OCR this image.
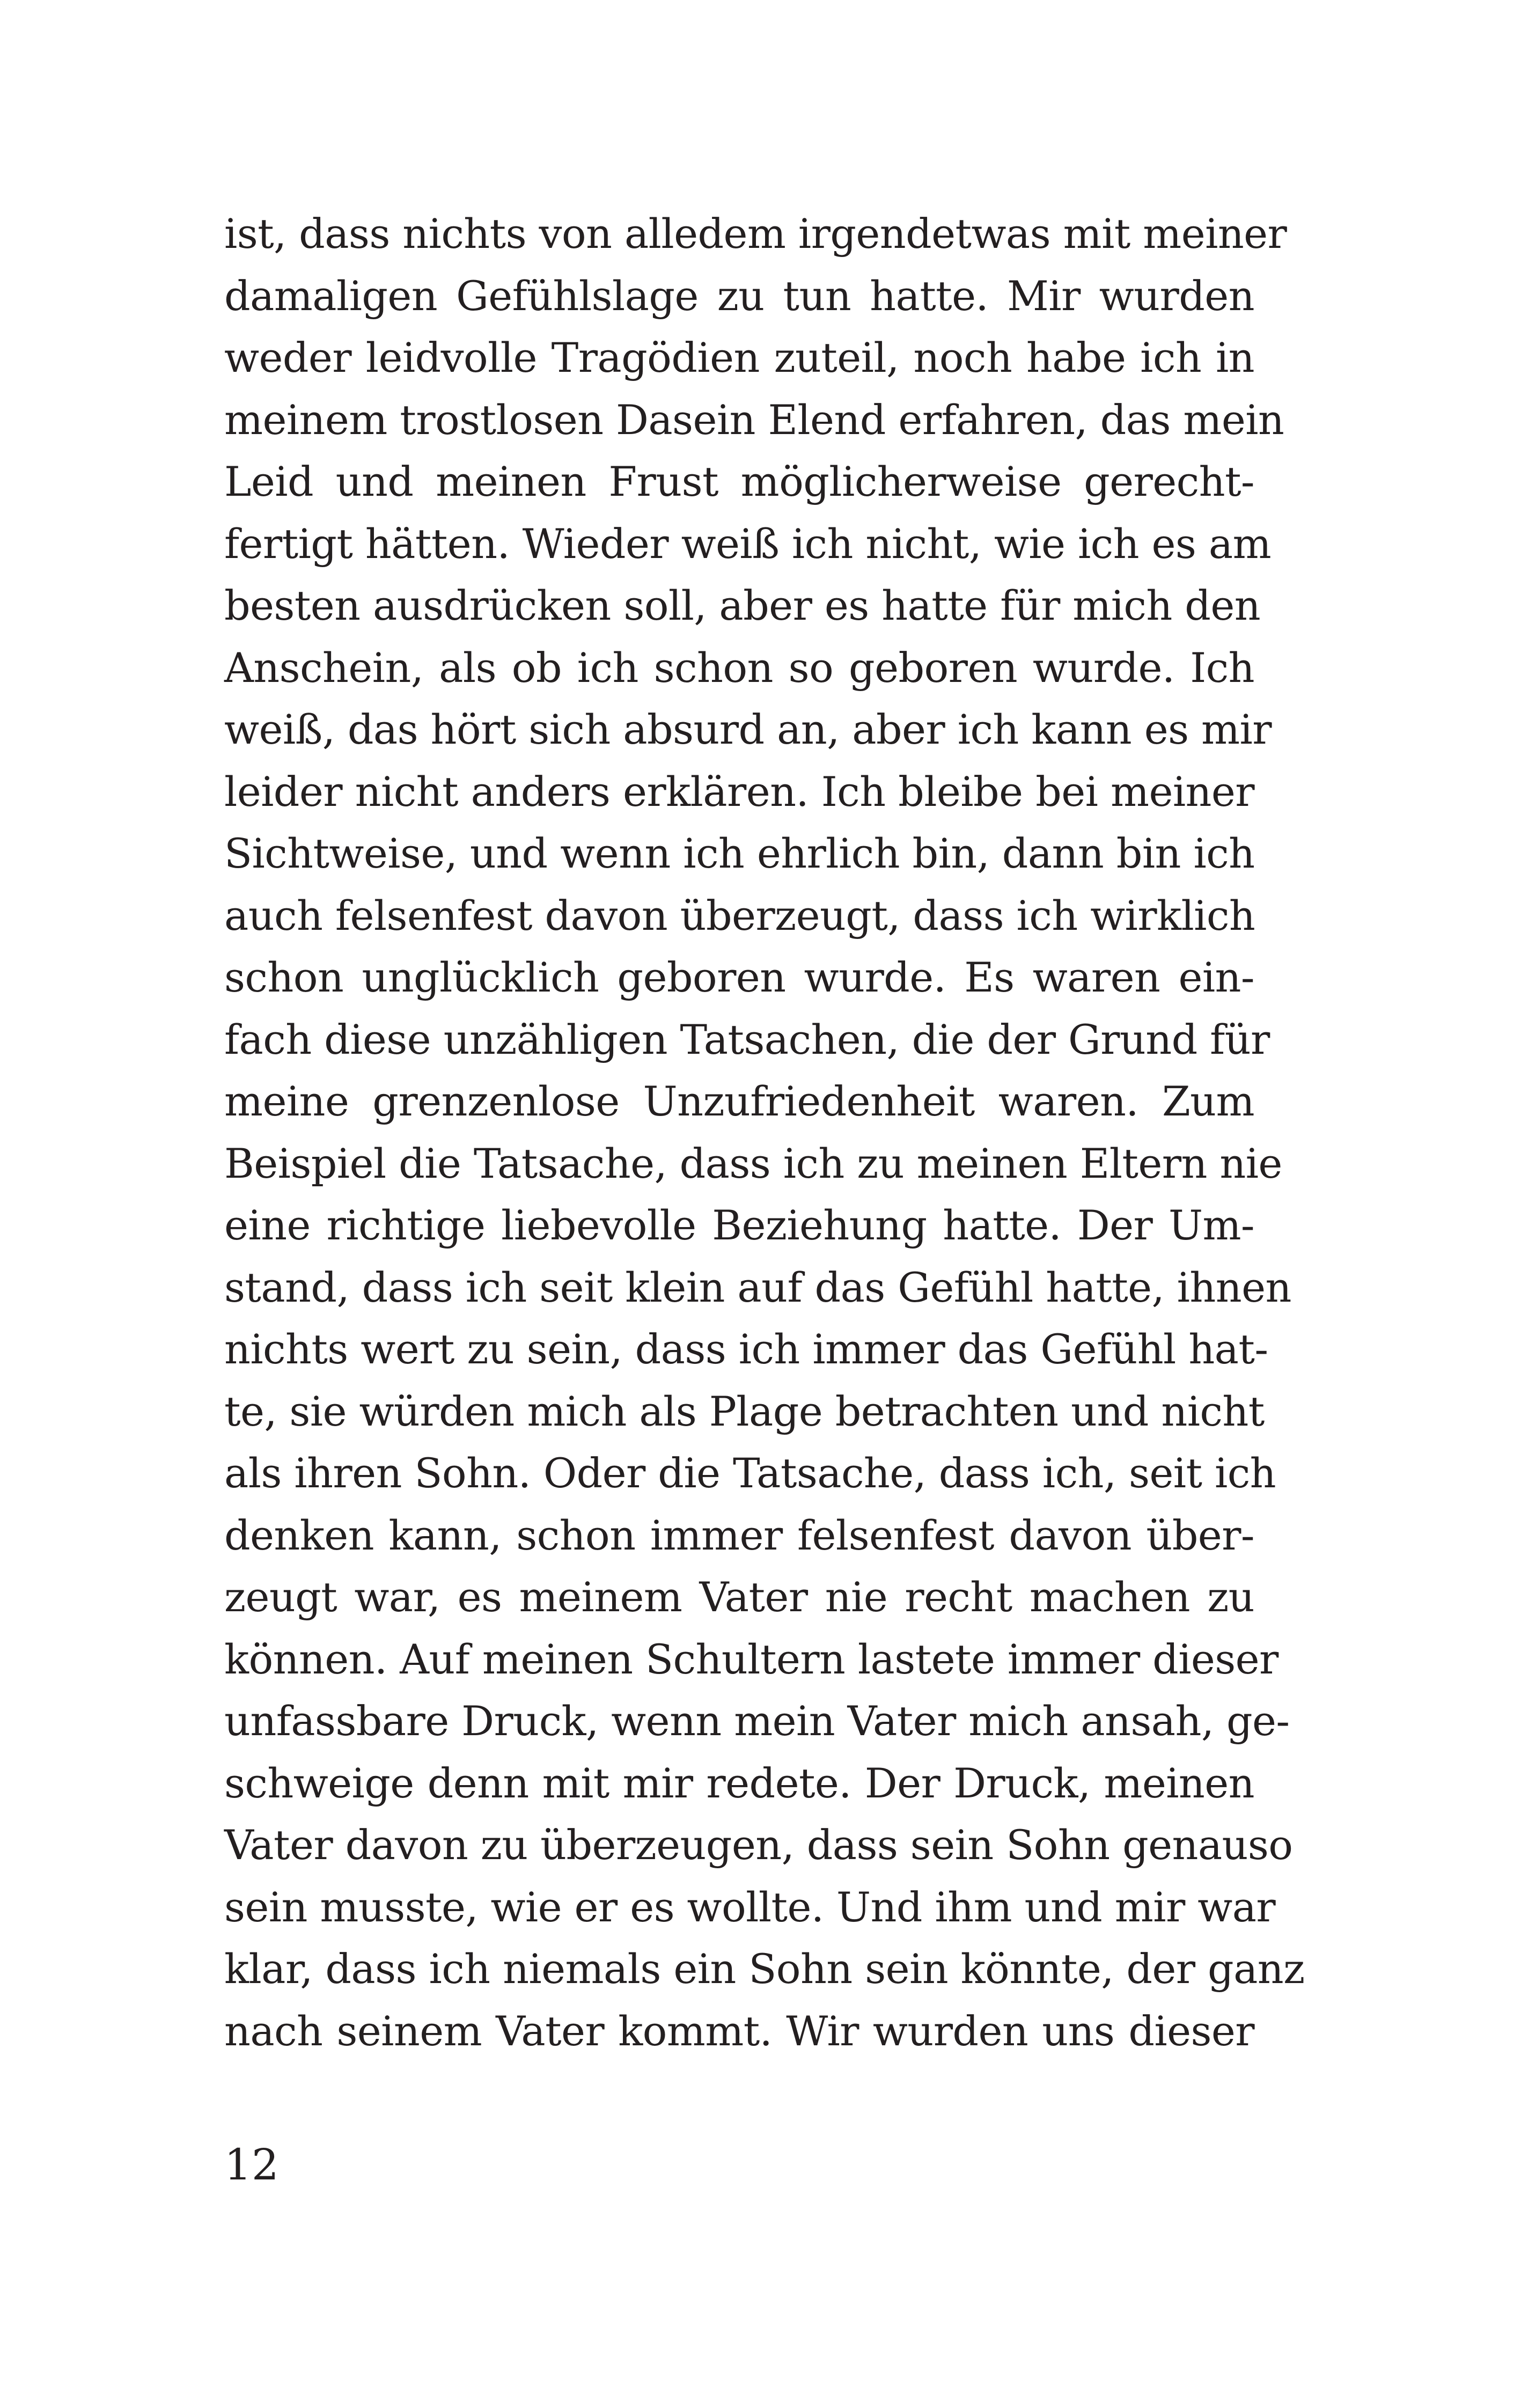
ist, dass nichts von alledem irgendetwas mit meiner
damaligen Gefühlslage zu tun hatte. Mir wurden
weder leidvolle Tragödien zuteil, noch habe ich in
meinem trostlosen Dasein Elend erfahren, das mein
Leid und meinen Frust möglicherweise gerecht-
fertigt hätten. Wieder weiß ich nicht, wie ich es am
besten ausdrücken soll, aber es hatte für mich den
Anschein, als ob ich schon so geboren wurde. Ich
weiß, das hört sich absurd an, aber ich kann es mir
leider nicht anders erklären. Ich bleibe bei meiner
Sichtweise, und wenn ich ehrlich bin, dann bin ich
auch felsenfest davon überzeugt, dass ich wirklich
schon unglücklich geboren wurde. Es waren ein-
fach diese unzähligen Tatsachen, die der Grund für
meine grenzenlose Unzufriedenheit waren. Zum
Beispiel die Tatsache, dass ich zu meinen Eltern nie
eine richtige liebevolle Beziehung hatte. Der Um-
stand, dass ich seit klein auf das Gefühl hatte, ihnen
nichts wert zu sein, dass ich immer das Gefühl hat-
te, sie würden mich als Plage betrachten und nicht
als ihren Sohn. Oder die Tatsache, dass ich, seit ich
denken kann, schon immer felsenfest davon über-
zeugt war, es meinem Vater nie recht machen zu
können. Auf meinen Schultern lastete immer dieser
unfassbare Druck, wenn mein Vater mich ansah, ge-
schweige denn mit mir redete. Der Druck, meinen
Vater davon zu überzeugen, dass sein Sohn genauso
sein musste, wie er es wollte. Und ihm und mir war
klar, dass ich niemals ein Sohn sein könnte, der ganz
nach seinem Vater kommt. Wir wurden uns dieser

12
